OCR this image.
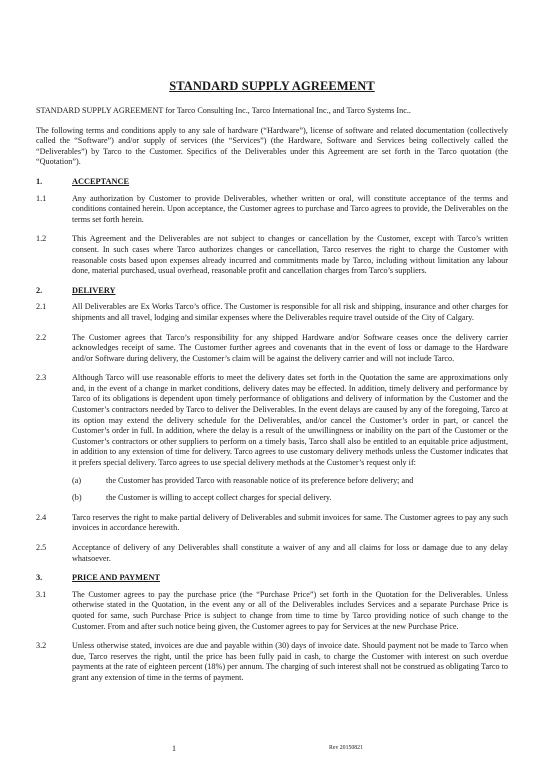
STANDARD SUPPLY AGREEMENT

STANDARD SUPPLY AGREEMENT for Tarco Consulting Inc., Tarco International Inc., and Tarco Systems Inc..

The following terms and conditions apply to any sale of hardware (“Hardware”), license of software and related documentation (collectively called the “Software”) and/or supply of services (the “Services”) (the Hardware, Software and Services being collectively called the “Deliverables”) by Tarco to the Customer. Specifics of the Deliverables under this Agreement are set forth in the Tarco quotation (the “Quotation”).

1.	ACCEPTANCE
1.1	Any authorization by Customer to provide Deliverables, whether written or oral, will constitute acceptance of the terms and conditions contained herein. Upon acceptance, the Customer agrees to purchase and Tarco agrees to provide, the Deliverables on the terms set forth herein.
1.2	This Agreement and the Deliverables are not subject to changes or cancellation by the Customer, except with Tarco’s written consent. In such cases where Tarco authorizes changes or cancellation, Tarco reserves the right to charge the Customer with reasonable costs based upon expenses already incurred and commitments made by Tarco, including without limitation any labour done, material purchased, usual overhead, reasonable profit and cancellation charges from Tarco’s suppliers.
2.	DELIVERY
2.1	All Deliverables are Ex Works Tarco’s office. The Customer is responsible for all risk and shipping, insurance and other charges for shipments and all travel, lodging and similar expenses where the Deliverables require travel outside of the City of Calgary.
2.2	The Customer agrees that Tarco’s responsibility for any shipped Hardware and/or Software ceases once the delivery carrier acknowledges receipt of same. The Customer further agrees and covenants that in the event of loss or damage to the Hardware and/or Software during delivery, the Customer’s claim will be against the delivery carrier and will not include Tarco.
2.3	Although Tarco will use reasonable efforts to meet the delivery dates set forth in the Quotation the same are approximations only and, in the event of a change in market conditions, delivery dates may be effected. In addition, timely delivery and performance by Tarco of its obligations is dependent upon timely performance of obligations and delivery of information by the Customer and the Customer’s contractors needed by Tarco to deliver the Deliverables. In the event delays are caused by any of the foregoing, Tarco at its option may extend the delivery schedule for the Deliverables, and/or cancel the Customer’s order in part, or cancel the Customer’s order in full. In addition, where the delay is a result of the unwillingness or inability on the part of the Customer or the Customer’s contractors or other suppliers to perform on a timely basis, Tarco shall also be entitled to an equitable price adjustment, in addition to any extension of time for delivery. Tarco agrees to use customary delivery methods unless the Customer indicates that it prefers special delivery. Tarco agrees to use special delivery methods at the Customer’s request only if:
(a)	the Customer has provided Tarco with reasonable notice of its preference before delivery; and
(b)	the Customer is willing to accept collect charges for special delivery.
2.4	Tarco reserves the right to make partial delivery of Deliverables and submit invoices for same. The Customer agrees to pay any such invoices in accordance herewith.
2.5	Acceptance of delivery of any Deliverables shall constitute a waiver of any and all claims for loss or damage due to any delay whatsoever.
3.	PRICE AND PAYMENT
3.1	The Customer agrees to pay the purchase price (the “Purchase Price”) set forth in the Quotation for the Deliverables. Unless otherwise stated in the Quotation, in the event any or all of the Deliverables includes Services and a separate Purchase Price is quoted for same, such Purchase Price is subject to change from time to time by Tarco providing notice of such change to the Customer. From and after such notice being given, the Customer agrees to pay for Services at the new Purchase Price.
3.2	Unless otherwise stated, invoices are due and payable within (30) days of invoice date. Should payment not be made to Tarco when due, Tarco reserves the right, until the price has been fully paid in cash, to charge the Customer with interest on such overdue payments at the rate of eighteen percent (18%) per annum. The charging of such interest shall not be construed as obligating Tarco to grant any extension of time in the terms of payment.
1	Rev 20150821
